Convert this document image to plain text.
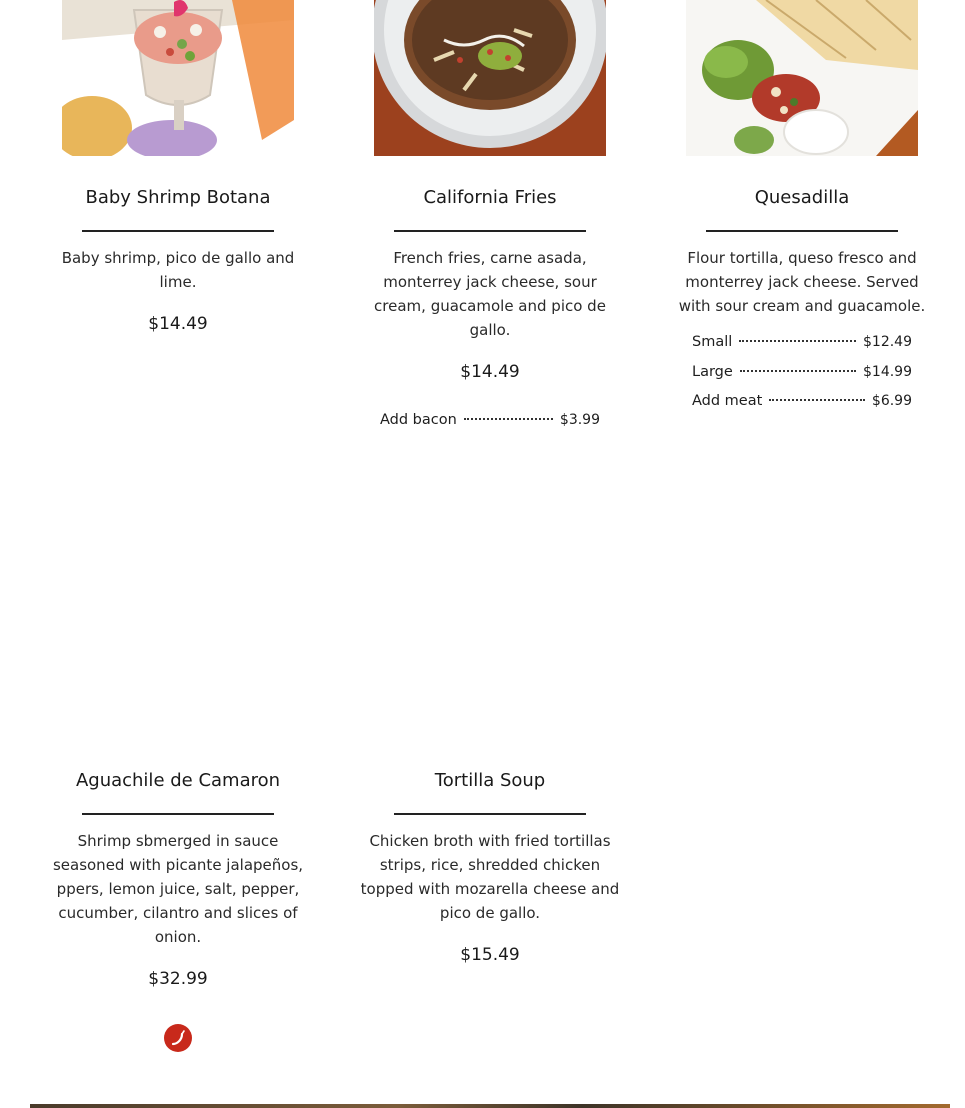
Baby Shrimp Botana

Baby shrimp, pico de gallo and lime.

$14.49
California Fries

French fries, carne asada, monterrey jack cheese, sour cream, guacamole and pico de gallo.

$14.49
Add bacon	$3.99
Quesadilla

Flour tortilla, queso fresco and monterrey jack cheese. Served with sour cream and guacamole.

Small	$12.49
Large	$14.99
Add meat	$6.99
Aguachile de Camaron

Shrimp sbmerged in sauce seasoned with picante jalapeños, ppers, lemon juice, salt, pepper, cucumber, cilantro and slices of onion.

$32.99
Tortilla Soup

Chicken broth with fried tortillas strips, rice, shredded chicken topped with mozarella cheese and pico de gallo.

$15.49
